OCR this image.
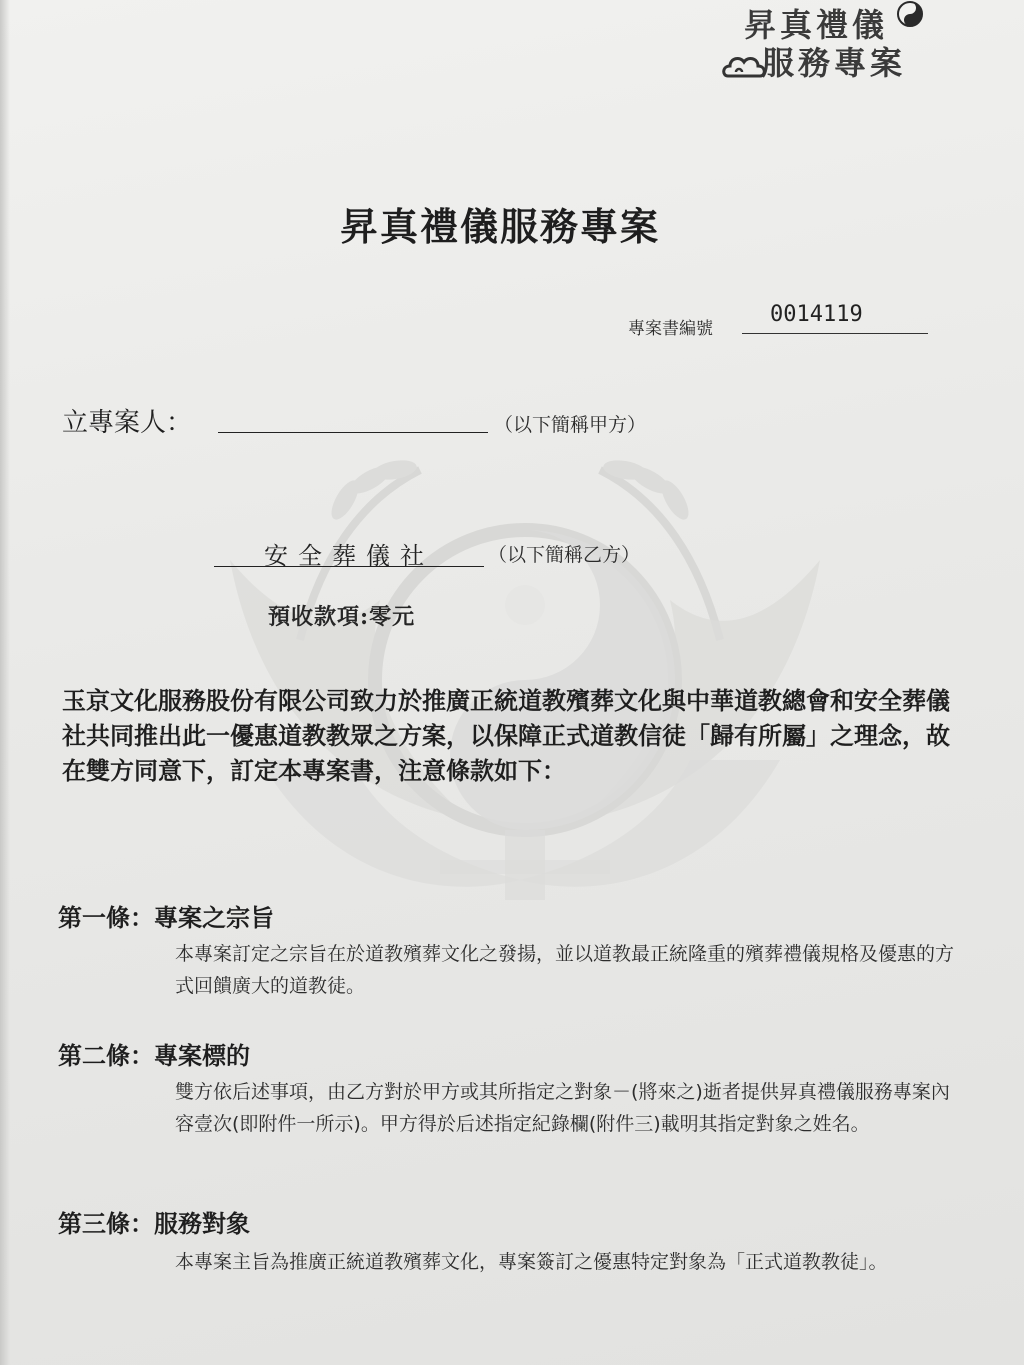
昇真禮儀
服務專案
昇真禮儀服務專案
專案書編號
0014119
立專案人：	（以下簡稱甲方）
安全葬儀社	（以下簡稱乙方）
預收款項:零元
玉京文化服務股份有限公司致力於推廣正統道教殯葬文化與中華道教總會和安全葬儀社共同推出此一優惠道教教眾之方案，以保障正式道教信徒「歸有所屬」之理念，故在雙方同意下，訂定本專案書，注意條款如下：
第一條：專案之宗旨
本專案訂定之宗旨在於道教殯葬文化之發揚，並以道教最正統隆重的殯葬禮儀規格及優惠的方式回饋廣大的道教徒。
第二條：專案標的
雙方依后述事項，由乙方對於甲方或其所指定之對象－(將來之)逝者提供昇真禮儀服務專案內容壹次(即附件一所示)。甲方得於后述指定紀錄欄(附件三)載明其指定對象之姓名。
第三條：服務對象
本專案主旨為推廣正統道教殯葬文化，專案簽訂之優惠特定對象為「正式道教教徒」。
